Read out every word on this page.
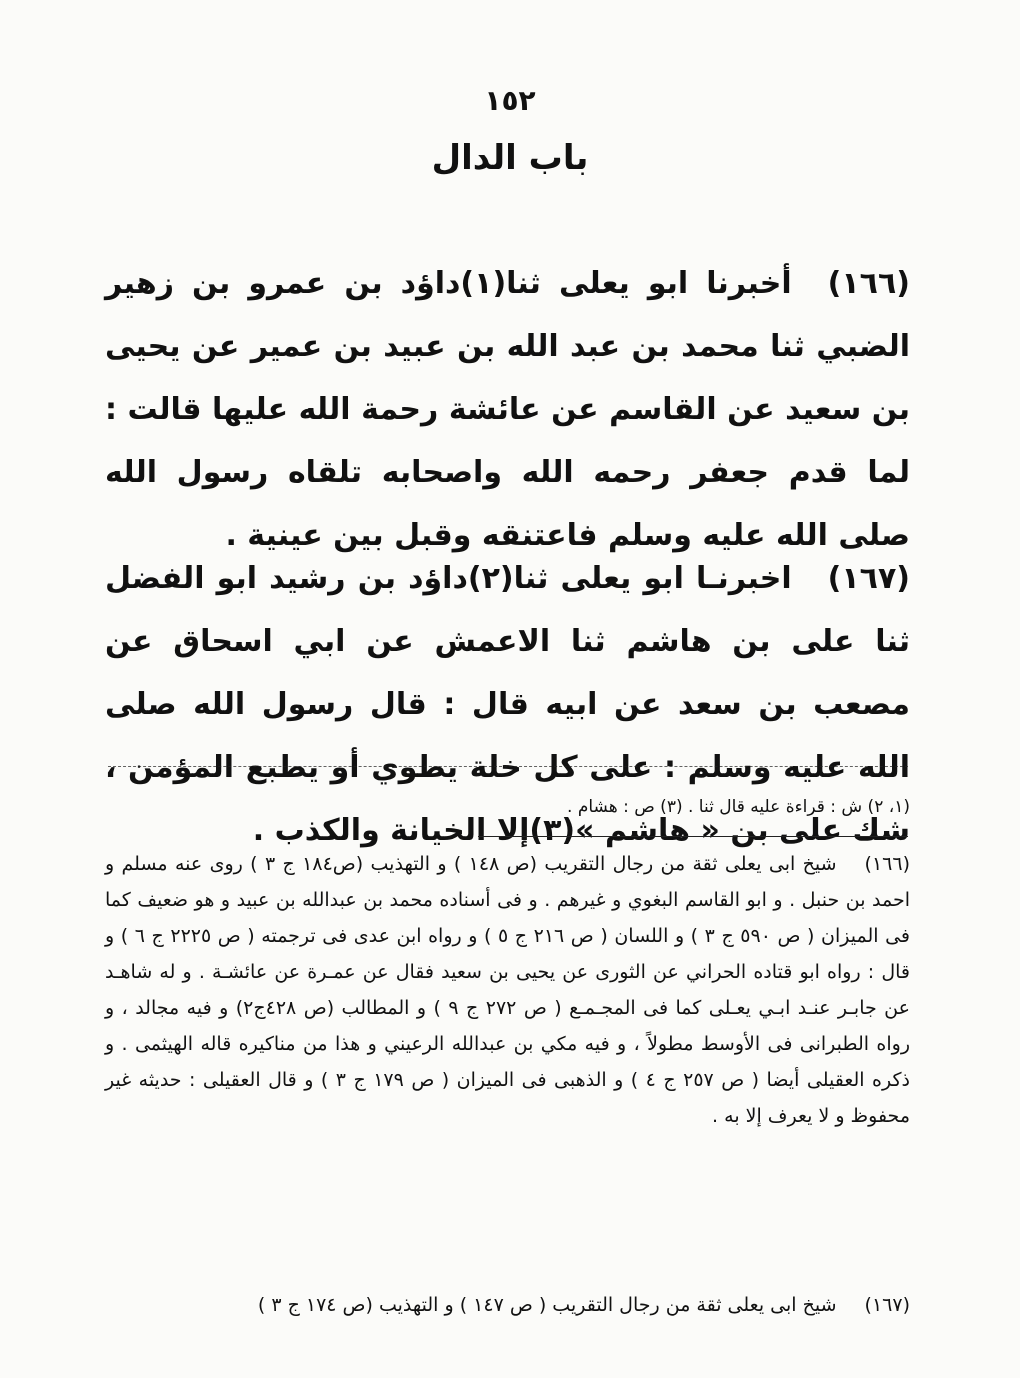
١٥٢
باب الدال
(١٦٦)أخبرنا ابو يعلى ثنا(١)داؤد بن عمرو بن زهير الضبي ثنا محمد بن عبد الله بن عبيد بن عمير عن يحيى بن سعيد عن القاسم عن عائشة رحمة الله عليها قالت : لما قدم جعفر رحمه الله واصحابه تلقاه رسول الله صلى الله عليه وسلم فاعتنقه وقبل بين عينية .
(١٦٧)اخبرنـا ابو يعلى ثنا(٢)داؤد بن رشيد ابو الفضل ثنا على بن هاشم ثنا الاعمش عن ابي اسحاق عن مصعب بن سعد عن ابيه قال : قال رسول الله صلى الله عليه وسلم : على كل خلة يطوي أو يطبع المؤمن ، شك على بن « هاشم »(٣)إلا الخيانة والكذب .
(١، ٢) ش : قراءة عليه قال ثنا . (٣) ص : هشام .
(١٦٦)شيخ ابى يعلى ثقة من رجال التقريب (ص ١٤٨ ) و التهذيب (ص١٨٤ ج ٣ ) روى عنه مسلم و احمد بن حنبل . و ابو القاسم البغوي و غيرهم . و فى أسناده محمد بن عبدالله بن عبيد و هو ضعيف كما فى الميزان ( ص ٥٩٠ ج ٣ ) و اللسان ( ص ٢١٦ ج ٥ ) و رواه ابن عدى فى ترجمته ( ص ٢٢٢٥ ج ٦ ) و قال : رواه ابو قتاده الحراني عن الثورى عن يحيى بن سعيد فقال عن عمـرة عن عائشـة . و له شاهـد عن جابـر عنـد ابـي يعـلى كما فى المجـمـع ( ص ٢٧٢ ج ٩ ) و المطالب (ص ٤٢٨ج٢) و فيه مجالد ، و رواه الطبرانى فى الأوسط مطولاً ، و فيه مكي بن عبدالله الرعيني و هذا من مناكيره قاله الهيثمى . و ذكره العقيلى أيضا ( ص ٢٥٧ ج ٤ ) و الذهبى فى الميزان ( ص ١٧٩ ج ٣ ) و قال العقيلى : حديثه غير محفوظ و لا يعرف إلا به .
(١٦٧)شيخ ابى يعلى ثقة من رجال التقريب ( ص ١٤٧ ) و التهذيب (ص ١٧٤ ج ٣ )
